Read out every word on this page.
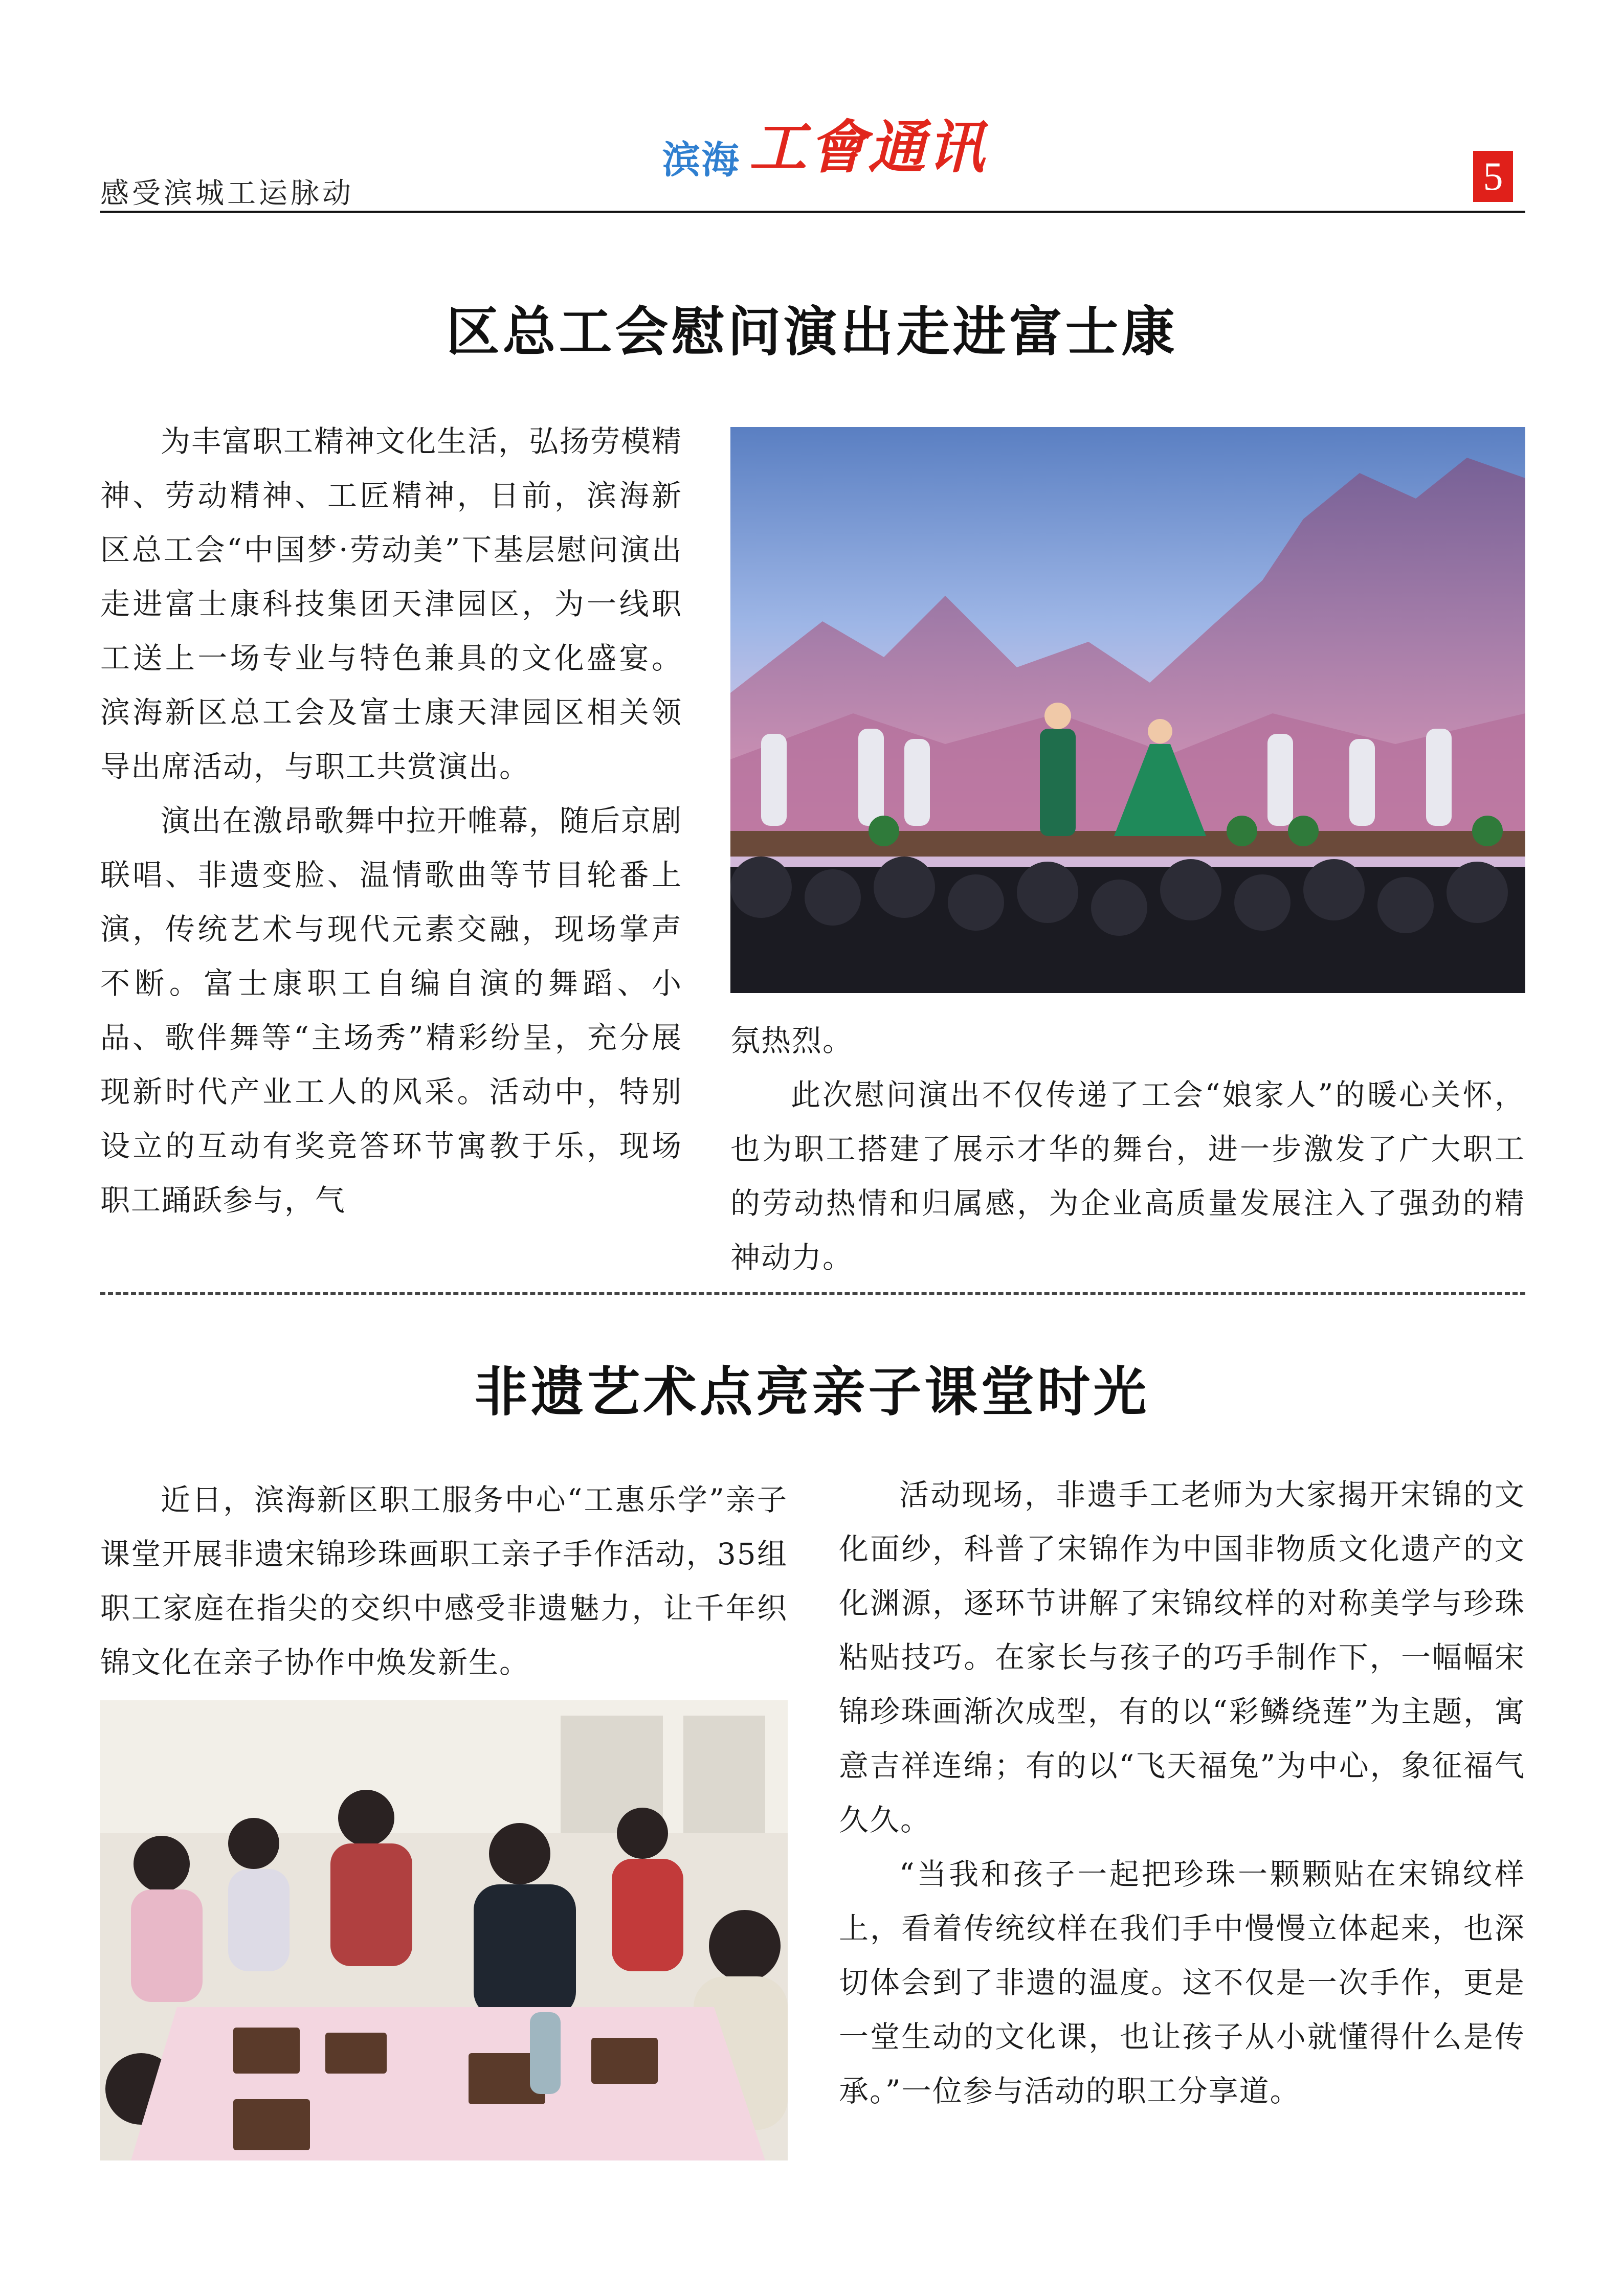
感受滨城工运脉动
滨海 工會通讯	5
区总工会慰问演出走进富士康

为丰富职工精神文化生活，弘扬劳模精神、劳动精神、工匠精神，日前，滨海新区总工会“中国梦·劳动美”下基层慰问演出走进富士康科技集团天津园区，为一线职工送上一场专业与特色兼具的文化盛宴。滨海新区总工会及富士康天津园区相关领导出席活动，与职工共赏演出。

演出在激昂歌舞中拉开帷幕，随后京剧联唱、非遗变脸、温情歌曲等节目轮番上演，传统艺术与现代元素交融，现场掌声不断。富士康职工自编自演的舞蹈、小品、歌伴舞等“主场秀”精彩纷呈，充分展现新时代产业工人的风采。活动中，特别设立的互动有奖竞答环节寓教于乐，现场职工踊跃参与，气

氛热烈。

此次慰问演出不仅传递了工会“娘家人”的暖心关怀，也为职工搭建了展示才华的舞台，进一步激发了广大职工的劳动热情和归属感，为企业高质量发展注入了强劲的精神动力。

非遗艺术点亮亲子课堂时光

近日，滨海新区职工服务中心“工惠乐学”亲子课堂开展非遗宋锦珍珠画职工亲子手作活动，35组职工家庭在指尖的交织中感受非遗魅力，让千年织锦文化在亲子协作中焕发新生。

活动现场，非遗手工老师为大家揭开宋锦的文化面纱，科普了宋锦作为中国非物质文化遗产的文化渊源，逐环节讲解了宋锦纹样的对称美学与珍珠粘贴技巧。在家长与孩子的巧手制作下，一幅幅宋锦珍珠画渐次成型，有的以“彩鳞绕莲”为主题，寓意吉祥连绵；有的以“飞天福兔”为中心，象征福气久久。

“当我和孩子一起把珍珠一颗颗贴在宋锦纹样上，看着传统纹样在我们手中慢慢立体起来，也深切体会到了非遗的温度。这不仅是一次手作，更是一堂生动的文化课，也让孩子从小就懂得什么是传承。”一位参与活动的职工分享道。
